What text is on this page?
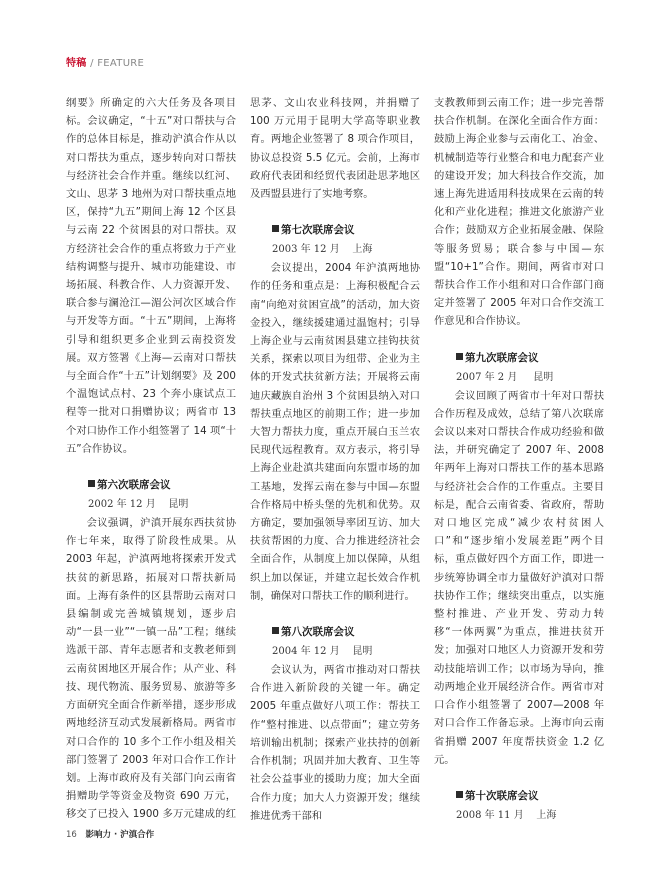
特稿 / FEATURE

纲要》所确定的六大任务及各项目标。会议确定，“十五”对口帮扶与合作的总体目标是，推动沪滇合作从以对口帮扶为重点，逐步转向对口帮扶与经济社会合作并重。继续以红河、文山、思茅 3 地州为对口帮扶重点地区，保持“九五”期间上海 12 个区县与云南 22 个贫困县的对口帮扶。双方经济社会合作的重点将致力于产业结构调整与提升、城市功能建设、市场拓展、科教合作、人力资源开发、联合参与澜沧江—湄公河次区域合作与开发等方面。“十五”期间，上海将引导和组织更多企业到云南投资发展。双方签署《上海—云南对口帮扶与全面合作“十五”计划纲要》及 200 个温饱试点村、23 个奔小康试点工程等一批对口捐赠协议；两省市 13 个对口协作工作小组签署了 14 项“十五”合作协议。

第六次联席会议
2002 年 12 月    昆明

会议强调，沪滇开展东西扶贫协作七年来，取得了阶段性成果。从 2003 年起，沪滇两地将探索开发式扶贫的新思路，拓展对口帮扶新局面。上海有条件的区县帮助云南对口县编制或完善城镇规划，逐步启动“一县一业”“一镇一品”工程；继续选派干部、青年志愿者和支教老师到云南贫困地区开展合作；从产业、科技、现代物流、服务贸易、旅游等多方面研究全面合作新举措，逐步形成两地经济互动式发展新格局。两省市对口合作的 10 多个工作小组及相关部门签署了 2003 年对口合作工作计划。上海市政府及有关部门向云南省捐赠助学等资金及物资 690 万元，移交了已投入 1900 多万元建成的红

思茅、文山农业科技网，并捐赠了 100 万元用于昆明大学高等职业教育。两地企业签署了 8 项合作项目，协议总投资 5.5 亿元。会前，上海市政府代表团和经贸代表团赴思茅地区及西盟县进行了实地考察。

第七次联席会议
2003 年 12 月    上海

会议提出，2004 年沪滇两地协作的任务和重点是：上海积极配合云南“向绝对贫困宣战”的活动，加大资金投入，继续援建通过温饱村；引导上海企业与云南贫困县建立挂钩扶贫关系，探索以项目为纽带、企业为主体的开发式扶贫新方法；开展将云南迪庆藏族自治州 3 个贫困县纳入对口帮扶重点地区的前期工作；进一步加大智力帮扶力度，重点开展白玉兰农民现代远程教育。双方表示，将引导上海企业赴滇共建面向东盟市场的加工基地，发挥云南在参与中国—东盟合作格局中桥头堡的先机和优势。双方确定，要加强领导率团互访、加大扶贫帮困的力度、合力推进经济社会全面合作，从制度上加以保障，从组织上加以保证，并建立起长效合作机制，确保对口帮扶工作的顺利进行。

第八次联席会议
2004 年 12 月    昆明

会议认为，两省市推动对口帮扶合作进入新阶段的关键一年。确定 2005 年重点做好八项工作：帮扶工作“整村推进、以点带面”；建立劳务培训输出机制；探索产业扶持的创新合作机制；巩固并加大教育、卫生等社会公益事业的援助力度；加大全面合作力度；加大人力资源开发；继续推进优秀干部和

支教教师到云南工作；进一步完善帮扶合作机制。在深化全面合作方面：鼓励上海企业参与云南化工、冶金、机械制造等行业整合和电力配套产业的建设开发；加大科技合作交流，加速上海先进适用科技成果在云南的转化和产业化进程；推进文化旅游产业合作；鼓励双方企业拓展金融、保险等服务贸易；联合参与中国—东盟“10+1”合作。期间，两省市对口帮扶合作工作小组和对口合作部门商定并签署了 2005 年对口合作交流工作意见和合作协议。

第九次联席会议
2007 年 2 月     昆明

会议回顾了两省市十年对口帮扶合作历程及成效，总结了第八次联席会议以来对口帮扶合作成功经验和做法，并研究确定了 2007 年、2008 年两年上海对口帮扶工作的基本思路与经济社会合作的工作重点。主要目标是，配合云南省委、省政府，帮助对口地区完成“减少农村贫困人口”和“逐步缩小发展差距”两个目标，重点做好四个方面工作，即进一步统筹协调全市力量做好沪滇对口帮扶协作工作；继续突出重点，以实施整村推进、产业开发、劳动力转移“一体两翼”为重点，推进扶贫开发；加强对口地区人力资源开发和劳动技能培训工作；以市场为导向，推动两地企业开展经济合作。两省市对口合作小组签署了 2007—2008 年对口合作工作备忘录。上海市向云南省捐赠 2007 年度帮扶资金 1.2 亿元。

第十次联席会议
2008 年 11 月    上海

16 影响力 · 沪滇合作
